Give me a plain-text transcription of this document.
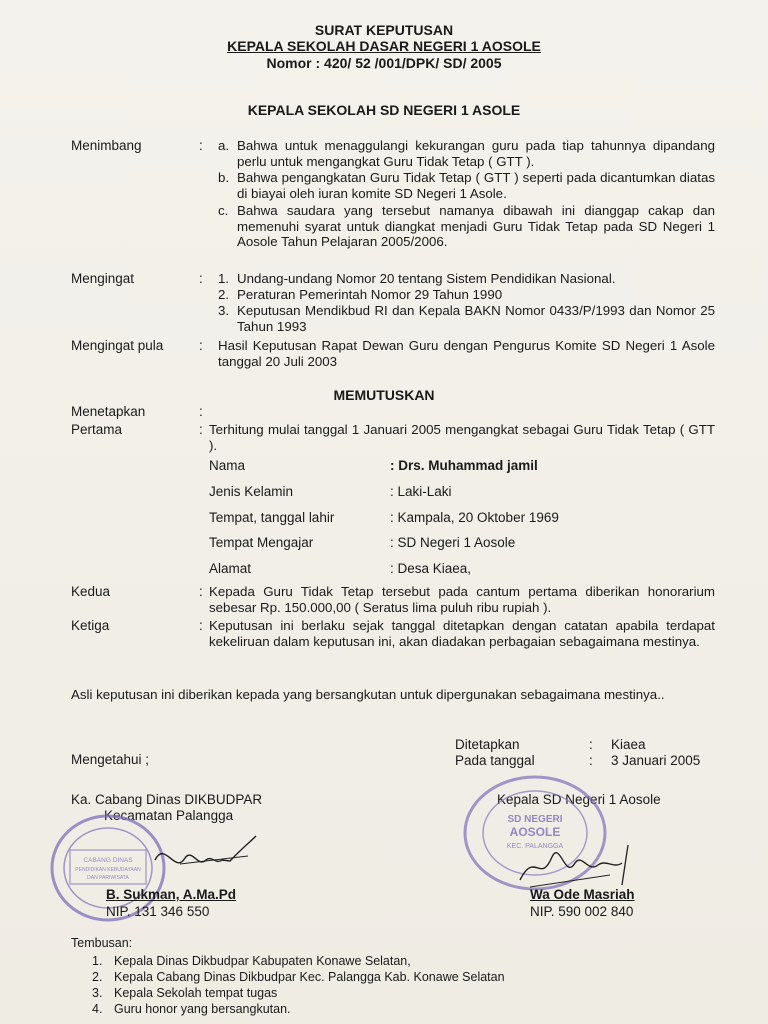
SURAT KEPUTUSAN
KEPALA SEKOLAH DASAR NEGERI 1 AOSOLE
Nomor : 420/ 52 /001/DPK/ SD/ 2005
KEPALA SEKOLAH SD NEGERI 1 ASOLE
Menimbang	: a. Bahwa untuk menaggulangi kekurangan guru pada tiap tahunnya dipandang perlu untuk mengangkat Guru Tidak Tetap ( GTT ).
b. Bahwa pengangkatan Guru Tidak Tetap ( GTT ) seperti pada dicantumkan diatas di biayai oleh iuran komite SD Negeri 1 Asole.
c. Bahwa saudara yang tersebut namanya dibawah ini dianggap cakap dan memenuhi syarat untuk diangkat menjadi Guru Tidak Tetap pada SD Negeri 1 Aosole Tahun Pelajaran 2005/2006.
Mengingat	: 1. Undang-undang Nomor 20 tentang Sistem Pendidikan Nasional.
2. Peraturan Pemerintah Nomor 29 Tahun 1990
3. Keputusan Mendikbud RI dan Kepala BAKN Nomor 0433/P/1993 dan Nomor 25 Tahun 1993
Mengingat pula	: Hasil Keputusan Rapat Dewan Guru dengan Pengurus Komite SD Negeri 1 Asole tanggal 20 Juli 2003
MEMUTUSKAN
Menetapkan	:
Pertama	: Terhitung mulai tanggal 1 Januari 2005 mengangkat sebagai Guru Tidak Tetap ( GTT ).
Nama	: Drs. Muhammad jamil
Jenis Kelamin	: Laki-Laki
Tempat, tanggal lahir	: Kampala, 20 Oktober 1969
Tempat Mengajar	: SD Negeri 1 Aosole
Alamat	: Desa Kiaea,
Kedua	: Kepada Guru Tidak Tetap tersebut pada cantum pertama diberikan honorarium sebesar Rp. 150.000,00 ( Seratus lima puluh ribu rupiah ).
Ketiga	: Keputusan ini berlaku sejak tanggal ditetapkan dengan catatan apabila terdapat kekeliruan dalam keputusan ini, akan diadakan perbagaian sebagaimana mestinya.
Asli keputusan ini diberikan kepada yang bersangkutan untuk dipergunakan sebagaimana mestinya..
Ditetapkan	: Kiaea
Pada tanggal	: 3 Januari 2005
Mengetahui ;
Ka. Cabang Dinas DIKBUDPAR
Kecamatan Palangga
CABANG DINAS
PENDIDIKAN KEBUDAYAAN
DAN PARIWISATA
B. Sukman, A.Ma.Pd
NIP. 131 346 550
Kepala SD Negeri 1 Aosole
SD NEGERI
AOSOLE
KEC. PALANGGA
Wa Ode Masriah
NIP. 590 002 840
Tembusan:
1. Kepala Dinas Dikbudpar Kabupaten Konawe Selatan,
2. Kepala Cabang Dinas Dikbudpar Kec. Palangga Kab. Konawe Selatan
3. Kepala Sekolah tempat tugas
4. Guru honor yang bersangkutan.
